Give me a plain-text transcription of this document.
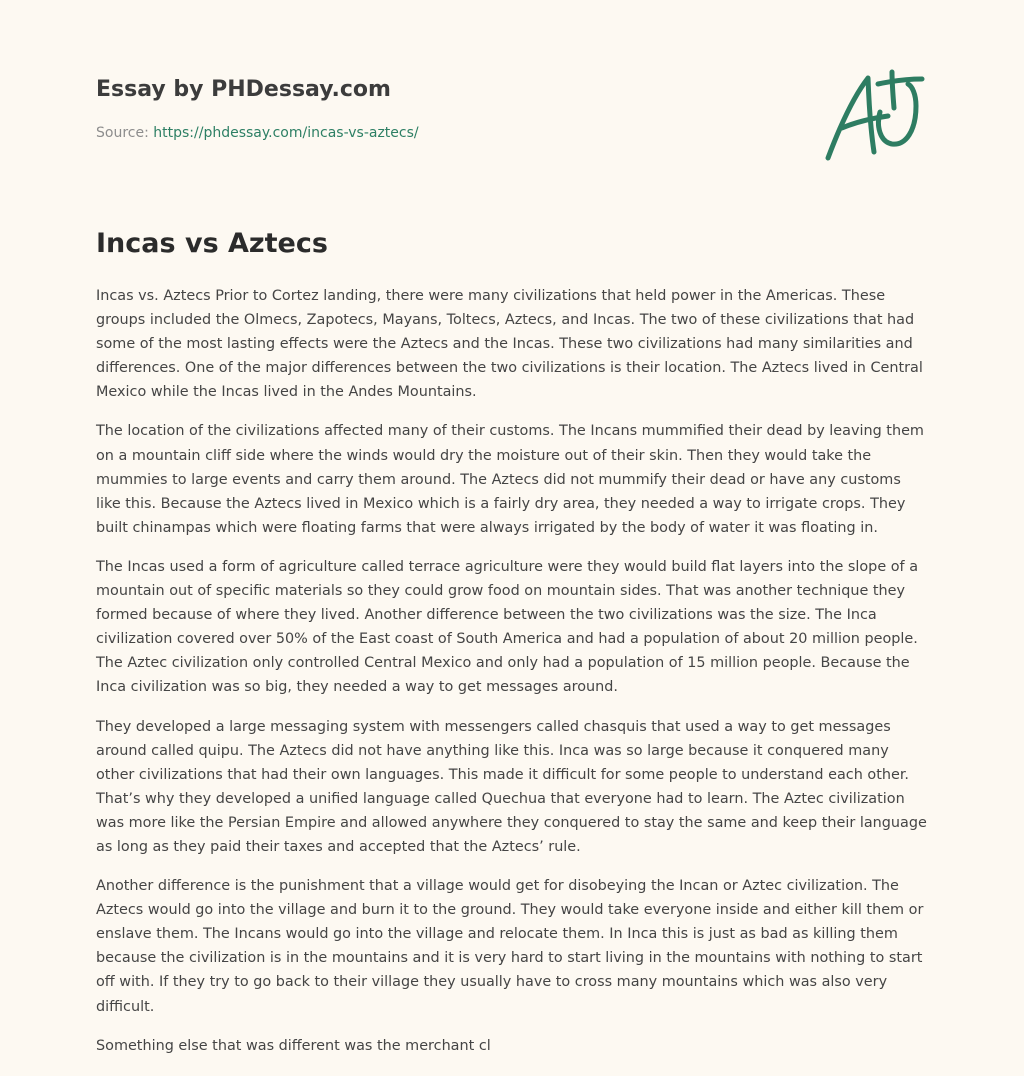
Essay by PHDessay.com

Source: https://phdessay.com/incas-vs-aztecs/

Incas vs Aztecs

Incas vs. Aztecs Prior to Cortez landing, there were many civilizations that held power in the Americas. These groups included the Olmecs, Zapotecs, Mayans, Toltecs, Aztecs, and Incas. The two of these civilizations that had some of the most lasting effects were the Aztecs and the Incas. These two civilizations had many similarities and differences. One of the major differences between the two civilizations is their location. The Aztecs lived in Central Mexico while the Incas lived in the Andes Mountains.

The location of the civilizations affected many of their customs. The Incans mummified their dead by leaving them on a mountain cliff side where the winds would dry the moisture out of their skin. Then they would take the mummies to large events and carry them around. The Aztecs did not mummify their dead or have any customs like this. Because the Aztecs lived in Mexico which is a fairly dry area, they needed a way to irrigate crops. They built chinampas which were floating farms that were always irrigated by the body of water it was floating in.

The Incas used a form of agriculture called terrace agriculture were they would build flat layers into the slope of a mountain out of specific materials so they could grow food on mountain sides. That was another technique they formed because of where they lived. Another difference between the two civilizations was the size. The Inca civilization covered over 50% of the East coast of South America and had a population of about 20 million people. The Aztec civilization only controlled Central Mexico and only had a population of 15 million people. Because the Inca civilization was so big, they needed a way to get messages around.

They developed a large messaging system with messengers called chasquis that used a way to get messages around called quipu. The Aztecs did not have anything like this. Inca was so large because it conquered many other civilizations that had their own languages. This made it difficult for some people to understand each other. That’s why they developed a unified language called Quechua that everyone had to learn. The Aztec civilization was more like the Persian Empire and allowed anywhere they conquered to stay the same and keep their language as long as they paid their taxes and accepted that the Aztecs’ rule.

Another difference is the punishment that a village would get for disobeying the Incan or Aztec civilization. The Aztecs would go into the village and burn it to the ground. They would take everyone inside and either kill them or enslave them. The Incans would go into the village and relocate them. In Inca this is just as bad as killing them because the civilization is in the mountains and it is very hard to start living in the mountains with nothing to start off with. If they try to go back to their village they usually have to cross many mountains which was also very difficult.

Something else that was different was the merchant cl
